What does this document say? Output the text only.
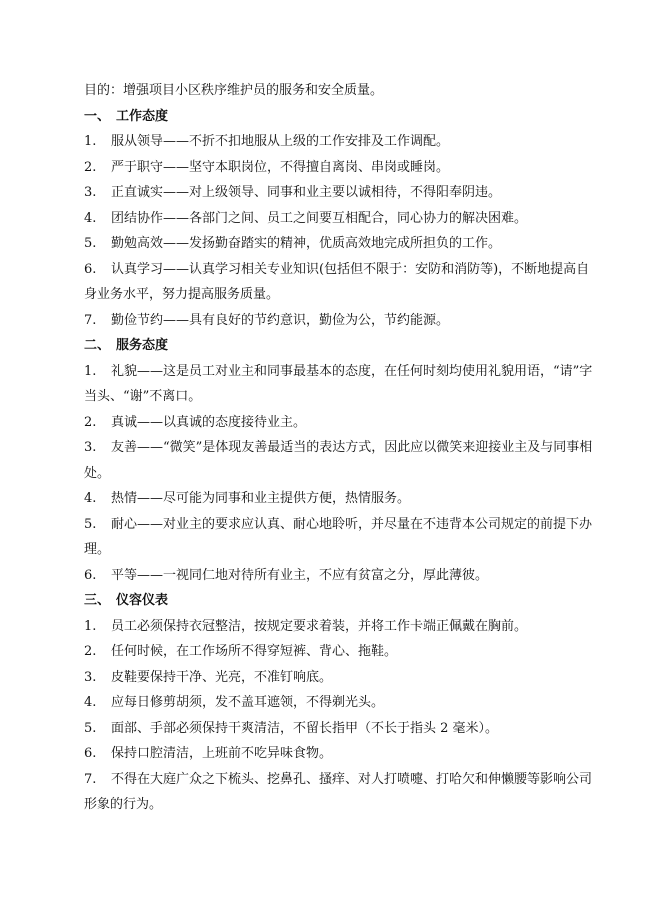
目的：增强项目小区秩序维护员的服务和安全质量。
一、 工作态度
1. 服从领导——不折不扣地服从上级的工作安排及工作调配。
2. 严于职守——坚守本职岗位，不得擅自离岗、串岗或睡岗。
3. 正直诚实——对上级领导、同事和业主要以诚相待，不得阳奉阴违。
4. 团结协作——各部门之间、员工之间要互相配合，同心协力的解决困难。
5. 勤勉高效——发扬勤奋踏实的精神，优质高效地完成所担负的工作。
6. 认真学习——认真学习相关专业知识(包括但不限于：安防和消防等)，不断地提高自
身业务水平，努力提高服务质量。
7. 勤俭节约——具有良好的节约意识，勤俭为公，节约能源。
二、 服务态度
1. 礼貌——这是员工对业主和同事最基本的态度，在任何时刻均使用礼貌用语，“请”字
当头、“谢”不离口。
2. 真诚——以真诚的态度接待业主。
3. 友善——“微笑”是体现友善最适当的表达方式，因此应以微笑来迎接业主及与同事相
处。
4. 热情——尽可能为同事和业主提供方便，热情服务。
5. 耐心——对业主的要求应认真、耐心地聆听，并尽量在不违背本公司规定的前提下办
理。
6. 平等——一视同仁地对待所有业主，不应有贫富之分，厚此薄彼。
三、 仪容仪表
1. 员工必须保持衣冠整洁，按规定要求着装，并将工作卡端正佩戴在胸前。
2. 任何时候，在工作场所不得穿短裤、背心、拖鞋。
3. 皮鞋要保持干净、光亮，不准钉响底。
4. 应每日修剪胡须，发不盖耳遮领，不得剃光头。
5. 面部、手部必须保持干爽清洁，不留长指甲（不长于指头 2 毫米）。
6. 保持口腔清洁，上班前不吃异味食物。
7. 不得在大庭广众之下梳头、挖鼻孔、搔痒、对人打喷嚏、打哈欠和伸懒腰等影响公司
形象的行为。
